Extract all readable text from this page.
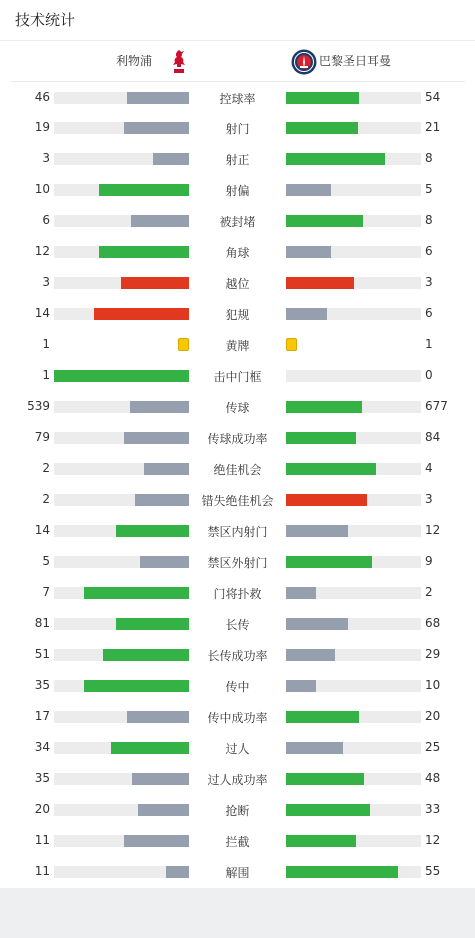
技术统计
利物浦	巴黎圣日耳曼
46	控球率	54
19	射门	21
3	射正	8
10	射偏	5
6	被封堵	8
12	角球	6
3	越位	3
14	犯规	6
1	黄牌	1
1	击中门框	0
539	传球	677
79	传球成功率	84
2	绝佳机会	4
2	错失绝佳机会	3
14	禁区内射门	12
5	禁区外射门	9
7	门将扑救	2
81	长传	68
51	长传成功率	29
35	传中	10
17	传中成功率	20
34	过人	25
35	过人成功率	48
20	抢断	33
11	拦截	12
11	解围	55
